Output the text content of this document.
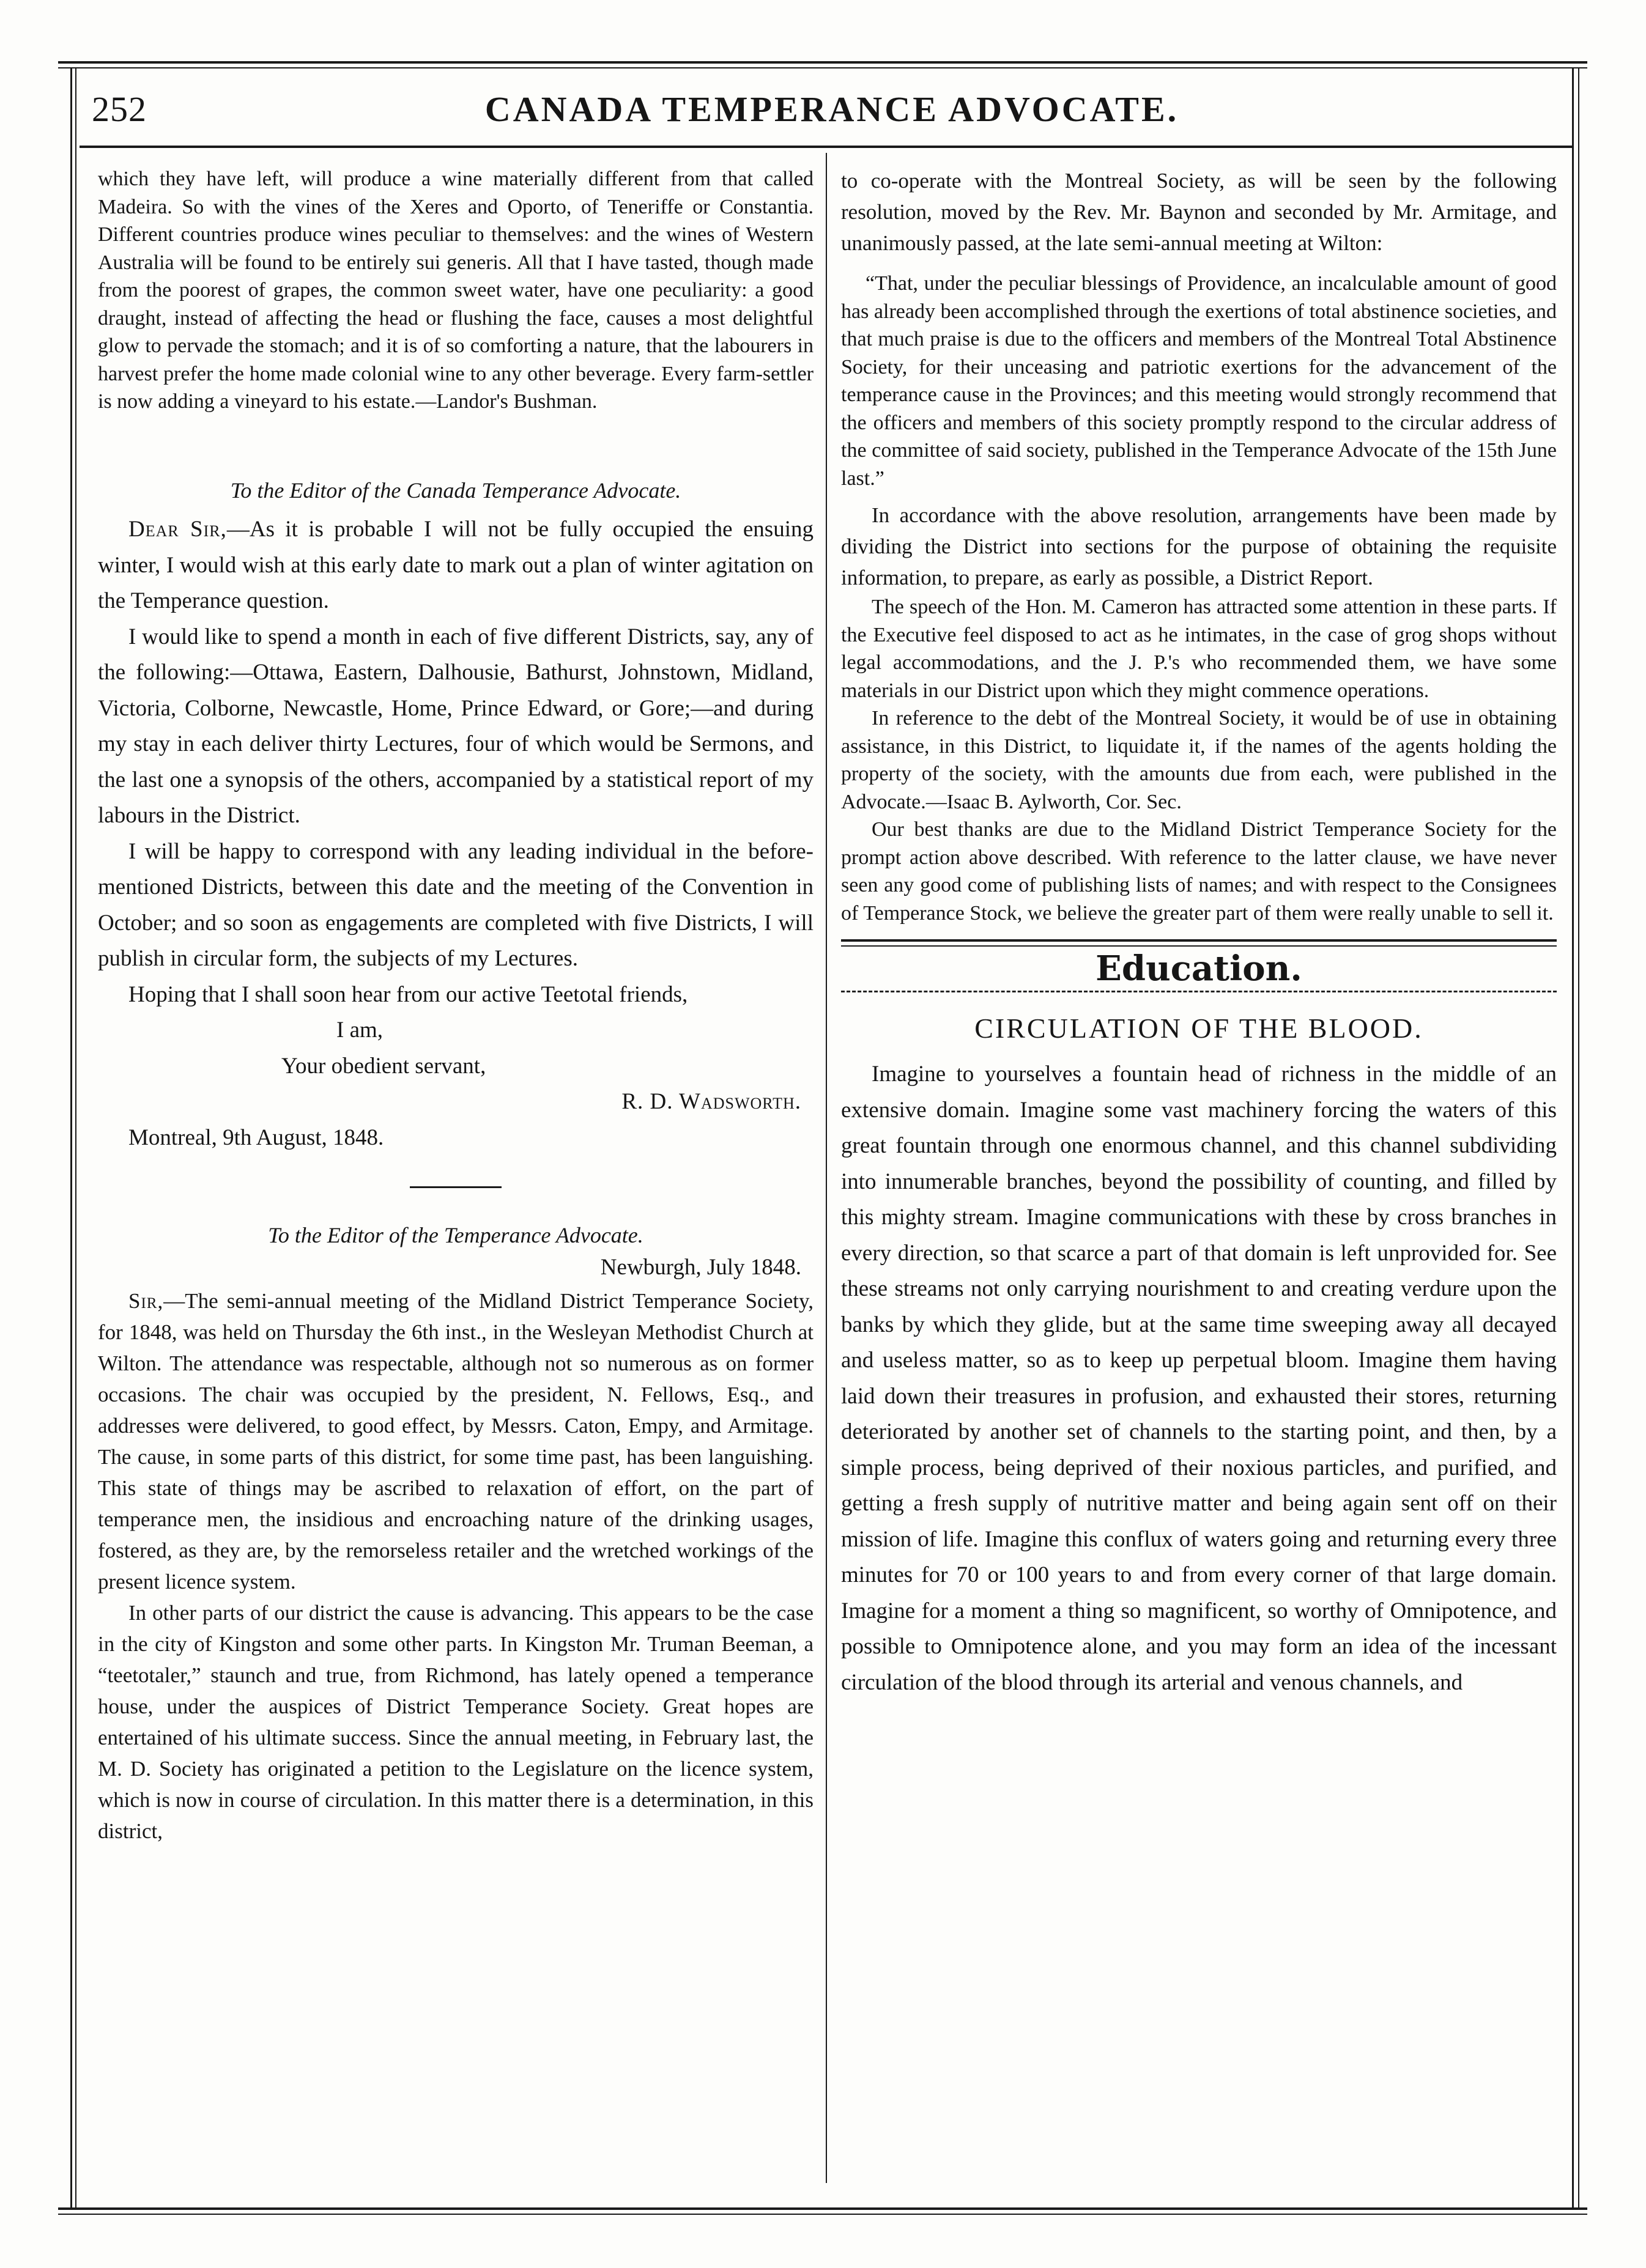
252	CANADA TEMPERANCE ADVOCATE.

which they have left, will produce a wine materially different from that called Madeira. So with the vines of the Xeres and Oporto, of Teneriffe or Constantia. Different countries produce wines peculiar to themselves: and the wines of Western Australia will be found to be entirely sui generis. All that I have tasted, though made from the poorest of grapes, the common sweet water, have one peculiarity: a good draught, instead of affecting the head or flushing the face, causes a most delightful glow to pervade the stomach; and it is of so comforting a nature, that the labourers in harvest prefer the home made colonial wine to any other beverage. Every farm-settler is now adding a vineyard to his estate.—Landor's Bushman.

To the Editor of the Canada Temperance Advocate.

Dear Sir,—As it is probable I will not be fully occupied the ensuing winter, I would wish at this early date to mark out a plan of winter agitation on the Temperance question.

I would like to spend a month in each of five different Districts, say, any of the following:—Ottawa, Eastern, Dalhousie, Bathurst, Johnstown, Midland, Victoria, Colborne, Newcastle, Home, Prince Edward, or Gore;—and during my stay in each deliver thirty Lectures, four of which would be Sermons, and the last one a synopsis of the others, accompanied by a statistical report of my labours in the District.

I will be happy to correspond with any leading individual in the before-mentioned Districts, between this date and the meeting of the Convention in October; and so soon as engagements are completed with five Districts, I will publish in circular form, the subjects of my Lectures.

Hoping that I shall soon hear from our active Teetotal friends,

I am,

Your obedient servant,

R. D. Wadsworth.

Montreal, 9th August, 1848.

To the Editor of the Temperance Advocate.

Newburgh, July 1848.

Sir,—The semi-annual meeting of the Midland District Temperance Society, for 1848, was held on Thursday the 6th inst., in the Wesleyan Methodist Church at Wilton. The attendance was respectable, although not so numerous as on former occasions. The chair was occupied by the president, N. Fellows, Esq., and addresses were delivered, to good effect, by Messrs. Caton, Empy, and Armitage. The cause, in some parts of this district, for some time past, has been languishing. This state of things may be ascribed to relaxation of effort, on the part of temperance men, the insidious and encroaching nature of the drinking usages, fostered, as they are, by the remorseless retailer and the wretched workings of the present licence system.

In other parts of our district the cause is advancing. This appears to be the case in the city of Kingston and some other parts. In Kingston Mr. Truman Beeman, a “teetotaler,” staunch and true, from Richmond, has lately opened a temperance house, under the auspices of District Temperance Society. Great hopes are entertained of his ultimate success. Since the annual meeting, in February last, the M. D. Society has originated a petition to the Legislature on the licence system, which is now in course of circulation. In this matter there is a determination, in this district,

to co-operate with the Montreal Society, as will be seen by the following resolution, moved by the Rev. Mr. Baynon and seconded by Mr. Armitage, and unanimously passed, at the late semi-annual meeting at Wilton:

“That, under the peculiar blessings of Providence, an incalculable amount of good has already been accomplished through the exertions of total abstinence societies, and that much praise is due to the officers and members of the Montreal Total Abstinence Society, for their unceasing and patriotic exertions for the advancement of the temperance cause in the Provinces; and this meeting would strongly recommend that the officers and members of this society promptly respond to the circular address of the committee of said society, published in the Temperance Advocate of the 15th June last.”

In accordance with the above resolution, arrangements have been made by dividing the District into sections for the purpose of obtaining the requisite information, to prepare, as early as possible, a District Report.

The speech of the Hon. M. Cameron has attracted some attention in these parts. If the Executive feel disposed to act as he intimates, in the case of grog shops without legal accommodations, and the J. P.'s who recommended them, we have some materials in our District upon which they might commence operations.

In reference to the debt of the Montreal Society, it would be of use in obtaining assistance, in this District, to liquidate it, if the names of the agents holding the property of the society, with the amounts due from each, were published in the Advocate.—Isaac B. Aylworth, Cor. Sec.

Our best thanks are due to the Midland District Temperance Society for the prompt action above described. With reference to the latter clause, we have never seen any good come of publishing lists of names; and with respect to the Consignees of Temperance Stock, we believe the greater part of them were really unable to sell it.

Education.
CIRCULATION OF THE BLOOD.

Imagine to yourselves a fountain head of richness in the middle of an extensive domain. Imagine some vast machinery forcing the waters of this great fountain through one enormous channel, and this channel subdividing into innumerable branches, beyond the possibility of counting, and filled by this mighty stream. Imagine communications with these by cross branches in every direction, so that scarce a part of that domain is left unprovided for. See these streams not only carrying nourishment to and creating verdure upon the banks by which they glide, but at the same time sweeping away all decayed and useless matter, so as to keep up perpetual bloom. Imagine them having laid down their treasures in profusion, and exhausted their stores, returning deteriorated by another set of channels to the starting point, and then, by a simple process, being deprived of their noxious particles, and purified, and getting a fresh supply of nutritive matter and being again sent off on their mission of life. Imagine this conflux of waters going and returning every three minutes for 70 or 100 years to and from every corner of that large domain. Imagine for a moment a thing so magnificent, so worthy of Omnipotence, and possible to Omnipotence alone, and you may form an idea of the incessant circulation of the blood through its arterial and venous channels, and
